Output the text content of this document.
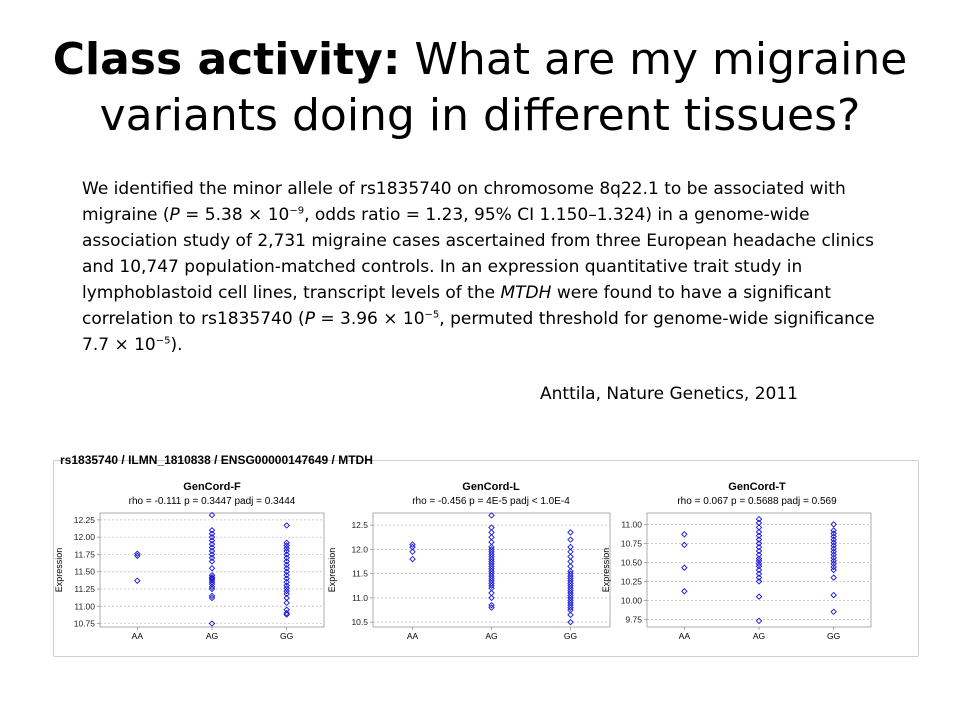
Class activity: What are my migraine variants doing in different tissues?
We identified the minor allele of rs1835740 on chromosome 8q22.1 to be associated with migraine ($P = 5.38 \times 10^{-9}$, odds ratio = 1.23, 95% CI 1.150–1.324) in a genome-wide association study of 2,731 migraine cases ascertained from three European headache clinics and 10,747 population-matched controls. In an expression quantitative trait study in lymphoblastoid cell lines, transcript levels of the MTDH were found to have a significant correlation to rs1835740 ($P = 3.96 \times 10^{-5}$, permuted threshold for genome-wide significance $7.7 \times 10^{-5}$).
Anttila, Nature Genetics, 2011
rs1835740 / ILMN_1810838 / ENSG00000147649 / MTDH
GenCord-F
rho = -0.111 p = 0.3447 padj = 0.3444
10.75
11.00
11.25
11.50
11.75
12.00
12.25
Expression
AA	AG	GG
GenCord-L
rho = -0.456 p = 4E-5 padj < 1.0E-4
10.5
11.0
11.5
12.0
12.5
Expression
AA	AG	GG
GenCord-T
rho = 0.067 p = 0.5688 padj = 0.569
9.75
10.00
10.25
10.50
10.75
11.00
Expression
AA	AG	GG
